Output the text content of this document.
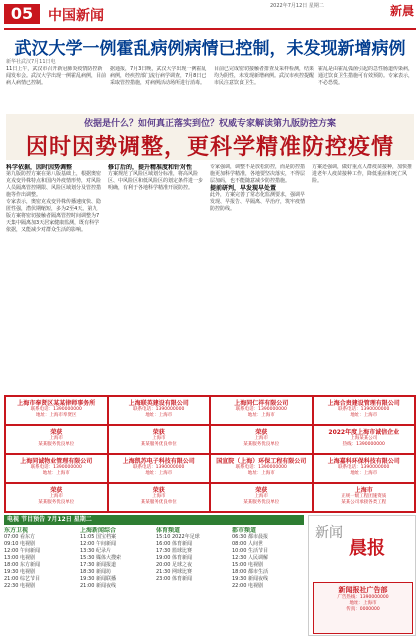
05	中国新闻
2022年7月12日 星期二	新晨
武汉大学一例霍乱病例病情已控制，未发现新增病例
新华社武汉7月11日电
11日上午，武汉市召开新冠肺炎疫情防控新闻发布会。武汉大学出现一例霍乱病例，目前病人病情已控制。
据通报，7月3日晚，武汉大学出现一例霍乱病例，经疾控部门流行病学调查，7月8日已采取管控措施，对病例活动场所进行消毒。
目前已完成密切接触者排查及采样检测，结果均为阴性，未发现新增病例。武汉市疾控提醒市民注意饮食卫生。
霍乱是由霍乱弧菌引起的急性肠道传染病，通过饮食卫生措施可有效预防。专家表示，不必恐慌。
依据是什么？如何真正落实到位？权威专家解读第九版防控方案
因时因势调整，更科学精准防控疫情
科学依据，因时因势调整
第九版防控方案在第八版基础上，根据奥密克戎变异株特点和国内外疫情形势，对风险人员隔离管控期限、风险区域划分及管控措施等作出调整。
专家表示，奥密克戎变异株传播速度快、隐匿性强，潜伏期缩短，多为2至4天。第九版方案将密切接触者隔离管控时间调整为7天集中隔离加3天居家健康监测，既有科学依据，又能减少对群众生活的影响。
修订后的，提升精准度和针对性
方案规范了风险区域划分标准，将高风险区、中风险区和低风险区的划定条件进一步明确，有利于各地科学精准开展防控。
专家强调，调整不是放松防控，而是防控措施更加科学精准，各地要坚决落实，不得层层加码，也不能随意减少防控措施。
提前研判，早发现早处置
此外，方案完善了常态化监测要求，强调早发现、早报告、早隔离、早治疗，筑牢疫情防控防线。
方案还强调，做好重点人群疫苗接种，加快推进老年人疫苗接种工作，降低重症和死亡风险。
上海市奉贤区某某律师事务所
联系电话：1390000000
地址：上海市奉贤区
上海联英建设有限公司
联系电话：1390000000
地址：上海市
上海同仁祥有限公司
联系电话：1390000000
地址：上海市
上海合贵建设管理有限公司
联系电话：1390000000
地址：上海市
荣获
上海市
某某服务优良单位
荣获
上海市
某某服务优良单位
荣获
上海市
某某服务优良单位
2022年度上海市诚信企业
上海某某公司
热线：1390000000
上海同诚物业管理有限公司
联系电话：1390000000
地址：上海市
上海凯苏电子科技有限公司
联系电话：1390000000
地址：上海市
国宣院（上海）环保工程有限公司
联系电话：1390000000
地址：上海市
上海嘉科环保科技有限公司
联系电话：1390000000
地址：上海市
荣获
上海市
某某服务优良单位
荣获
上海市
某某服务优良单位
荣获
上海市
某某服务优良单位
上海市
正规一级工程团施资质
某某公司承接各类工程
电视 节目预告 7月12日 星期二
东方卫视
07:00 看东方
09:10 电视剧
12:00 午间新闻
13:00 电视剧
18:00 东方新闻
19:30 电视剧
21:00 综艺节目
22:30 电视剧
上海新闻综合
11:05 国宝档案
12:00 午间新闻
13:30 纪录片
15:30 媒体大搜索
17:30 新闻报道
18:30 新闻坊
19:30 新闻联播
21:00 新闻夜线
体育频道
15:10 2022年足球
16:00 体育新闻
17:30 篮球比赛
19:00 体育新闻
20:00 足球之夜
21:30 网球比赛
23:00 体育新闻
都市频道
06:30 都市晨报
08:00 人间世
10:00 生活节目
12:30 人民调解
15:00 电视剧
18:00 都市生活
19:30 新闻夜线
22:00 电视剧
新闻
晨报
新闻报社广告部
广告热线：1390000000
地址：上海市
传真：0000000
